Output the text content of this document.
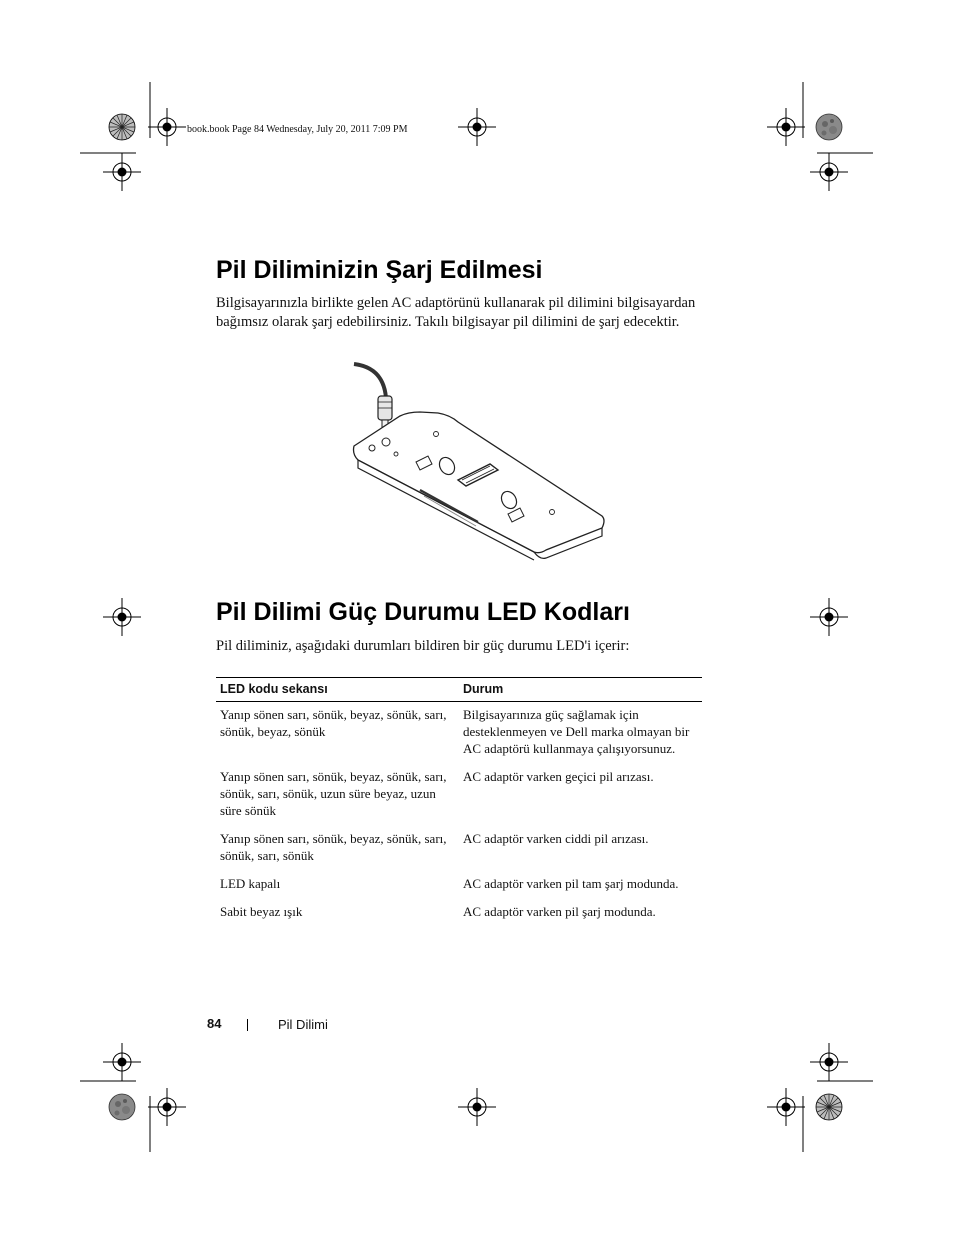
book.book Page 84 Wednesday, July 20, 2011 7:09 PM
Pil Diliminizin Şarj Edilmesi
Bilgisayarınızla birlikte gelen AC adaptörünü kullanarak pil dilimini bilgisayardan bağımsız olarak şarj edebilirsiniz. Takılı bilgisayar pil dilimini de şarj edecektir.
Pil Dilimi Güç Durumu LED Kodları
Pil diliminiz, aşağıdaki durumları bildiren bir güç durumu LED'i içerir:
LED kodu sekansı	Durum
Yanıp sönen sarı, sönük, beyaz, sönük, sarı, sönük, beyaz, sönük	Bilgisayarınıza güç sağlamak için desteklenmeyen ve Dell marka olmayan bir AC adaptörü kullanmaya çalışıyorsunuz.
Yanıp sönen sarı, sönük, beyaz, sönük, sarı, sönük, sarı, sönük, uzun süre beyaz, uzun süre sönük	AC adaptör varken geçici pil arızası.
Yanıp sönen sarı, sönük, beyaz, sönük, sarı, sönük, sarı, sönük	AC adaptör varken ciddi pil arızası.
LED kapalı	AC adaptör varken pil tam şarj modunda.
Sabit beyaz ışık	AC adaptör varken pil şarj modunda.
84	Pil Dilimi
